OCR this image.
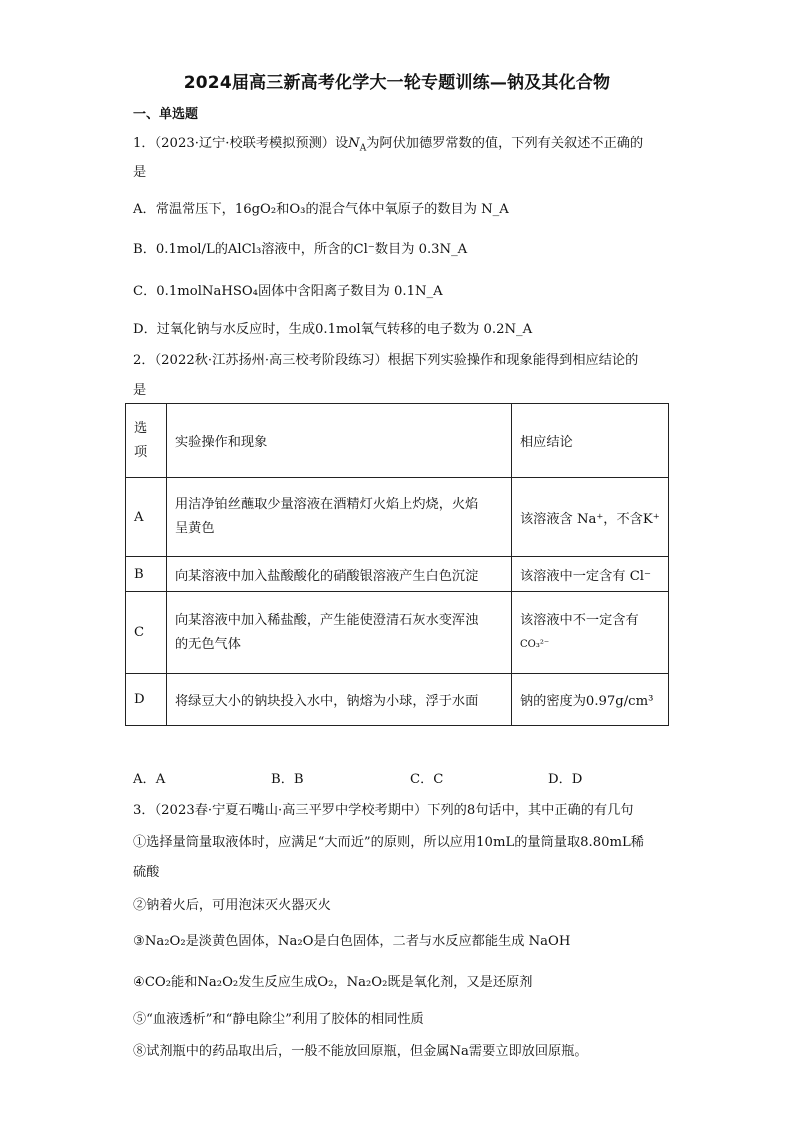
2024届高三新高考化学大一轮专题训练—钠及其化合物
一、单选题
1．（2023·辽宁·校联考模拟预测）设$N_A$为阿伏加德罗常数的值，下列有关叙述不正确的
是
A．常温常压下，16gO₂和O₃的混合气体中氧原子的数目为 N_A
B．0.1mol/L的AlCl₃溶液中，所含的Cl⁻数目为 0.3N_A
C．0.1molNaHSO₄固体中含阳离子数目为 0.1N_A
D．过氧化钠与水反应时，生成0.1mol氧气转移的电子数为 0.2N_A
2．（2022秋·江苏扬州·高三校考阶段练习）根据下列实验操作和现象能得到相应结论的
是
选
项	实验操作和现象	相应结论
A	用洁净铂丝蘸取少量溶液在酒精灯火焰上灼烧，火焰
呈黄色	该溶液含 Na⁺，不含K⁺
B	向某溶液中加入盐酸酸化的硝酸银溶液产生白色沉淀	该溶液中一定含有 Cl⁻
C	向某溶液中加入稀盐酸，产生能使澄清石灰水变浑浊
的无色气体	该溶液中不一定含有
CO₃²⁻

D	将绿豆大小的钠块投入水中，钠熔为小球，浮于水面	钠的密度为0.97g/cm³
A．A	B．B	C．C	D．D
3．（2023春·宁夏石嘴山·高三平罗中学校考期中）下列的8句话中，其中正确的有几句
①选择量筒量取液体时，应满足“大而近”的原则，所以应用10mL的量筒量取8.80mL稀
硫酸
②钠着火后，可用泡沫灭火器灭火
③Na₂O₂是淡黄色固体，Na₂O是白色固体，二者与水反应都能生成 NaOH
④CO₂能和Na₂O₂发生反应生成O₂，Na₂O₂既是氧化剂，又是还原剂
⑤“血液透析”和“静电除尘”利用了胶体的相同性质
⑧试剂瓶中的药品取出后，一般不能放回原瓶，但金属Na需要立即放回原瓶。
